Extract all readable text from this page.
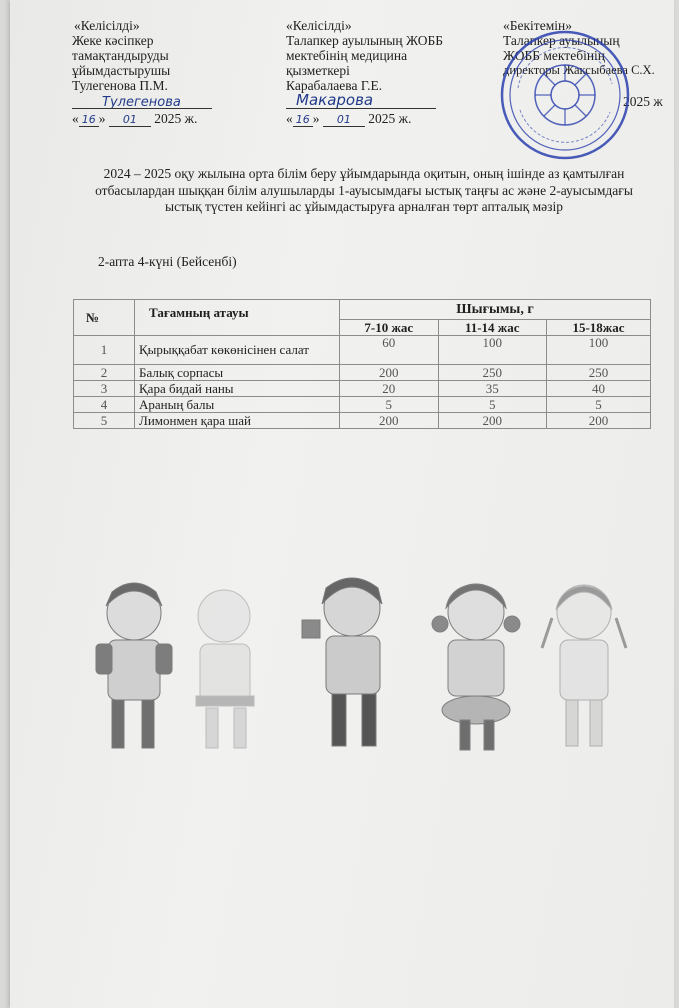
«Келісілді»
Жеке кәсіпкер
тамақтандыруды
ұйымдастырушы
Тулегенова П.М.
Тулегенова
« 16 » 01 2025 ж.
«Келісілді»
Талапкер ауылының ЖОББ
мектебінің медицина
қызметкері
Карабалаева Г.Е.
Макарова
« 16 » 01 2025 ж.
«Бекітемін»
Талапкер ауылының
ЖОББ мектебінің
директоры Жаксыбаева С.Х.
2025 ж
2024 – 2025 оқу жылына орта білім беру ұйымдарында оқитын, оның ішінде аз қамтылған отбасылардан шыққан білім алушыларды 1-ауысымдағы ыстық таңғы ас және 2-ауысымдағы ыстық түстен кейінгі ас ұйымдастыруға арналған төрт апталық мәзір
2-апта 4-күні (Бейсенбі)
№	Тағамның атауы	Шығымы, г		
		7-10 жас	11-14 жас	15-18жас
1	Қырыққабат көкөнісінен салат	60	100	100
2	Балық сорпасы	200	250	250
3	Қара бидай наны	20	35	40
4	Араның балы	5	5	5
5	Лимонмен қара шай	200	200	200
